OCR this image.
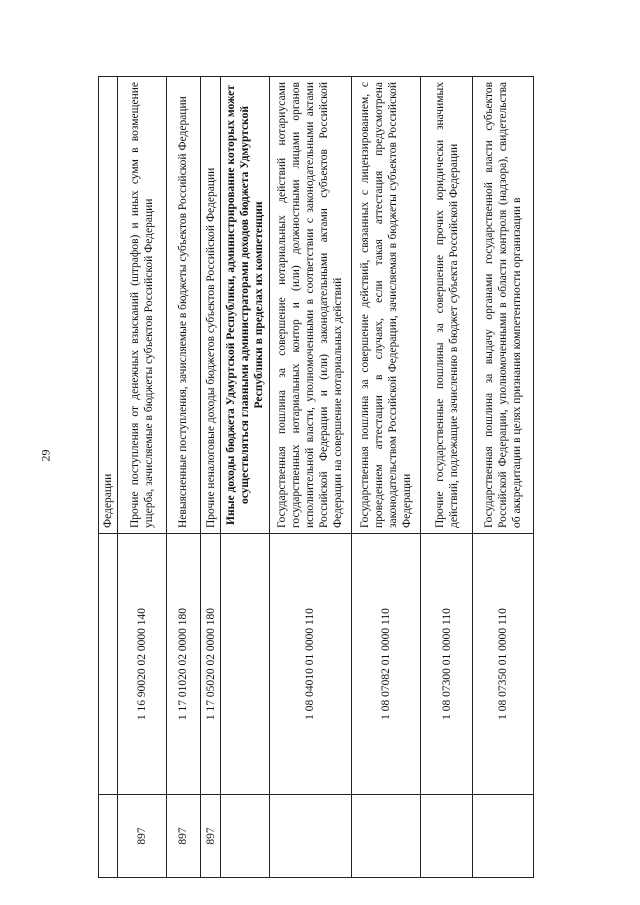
29
		Федерации
897	1 16 90020 02 0000 140	Прочие поступления от денежных взысканий (штрафов) и иных сумм в возмещение ущерба, зачисляемые в бюджеты субъектов Российской Федерации
897	1 17 01020 02 0000 180	Невыясненные поступления, зачисляемые в бюджеты субъектов Российской Федерации
897	1 17 05020 02 0000 180	Прочие неналоговые доходы бюджетов субъектов Российской Федерации
		Иные доходы бюджета Удмуртской Республики, администрирование которых может осуществляться главными администраторами доходов бюджета Удмуртской Республики в пределах их компетенции
	1 08 04010 01 0000 110	Государственная пошлина за совершение нотариальных действий нотариусами государственных нотариальных контор и (или) должностными лицами органов исполнительной власти, уполномоченными в соответствии с законодательными актами Российской Федерации и (или) законодательными актами субъектов Российской Федерации на совершение нотариальных действий
	1 08 07082 01 0000 110	Государственная пошлина за совершение действий, связанных с лицензированием, с проведением аттестации в случаях, если такая аттестация предусмотрена законодательством Российской Федерации, зачисляемая в бюджеты субъектов Российской Федерации
	1 08 07300 01 0000 110	Прочие государственные пошлины за совершение прочих юридически значимых действий, подлежащие зачислению в бюджет субъекта Российской Федерации
	1 08 07350 01 0000 110	Государственная пошлина за выдачу органами государственной власти субъектов Российской Федерации, уполномоченными в области контроля (надзора), свидетельства об аккредитации в целях признания компетентности организации в
